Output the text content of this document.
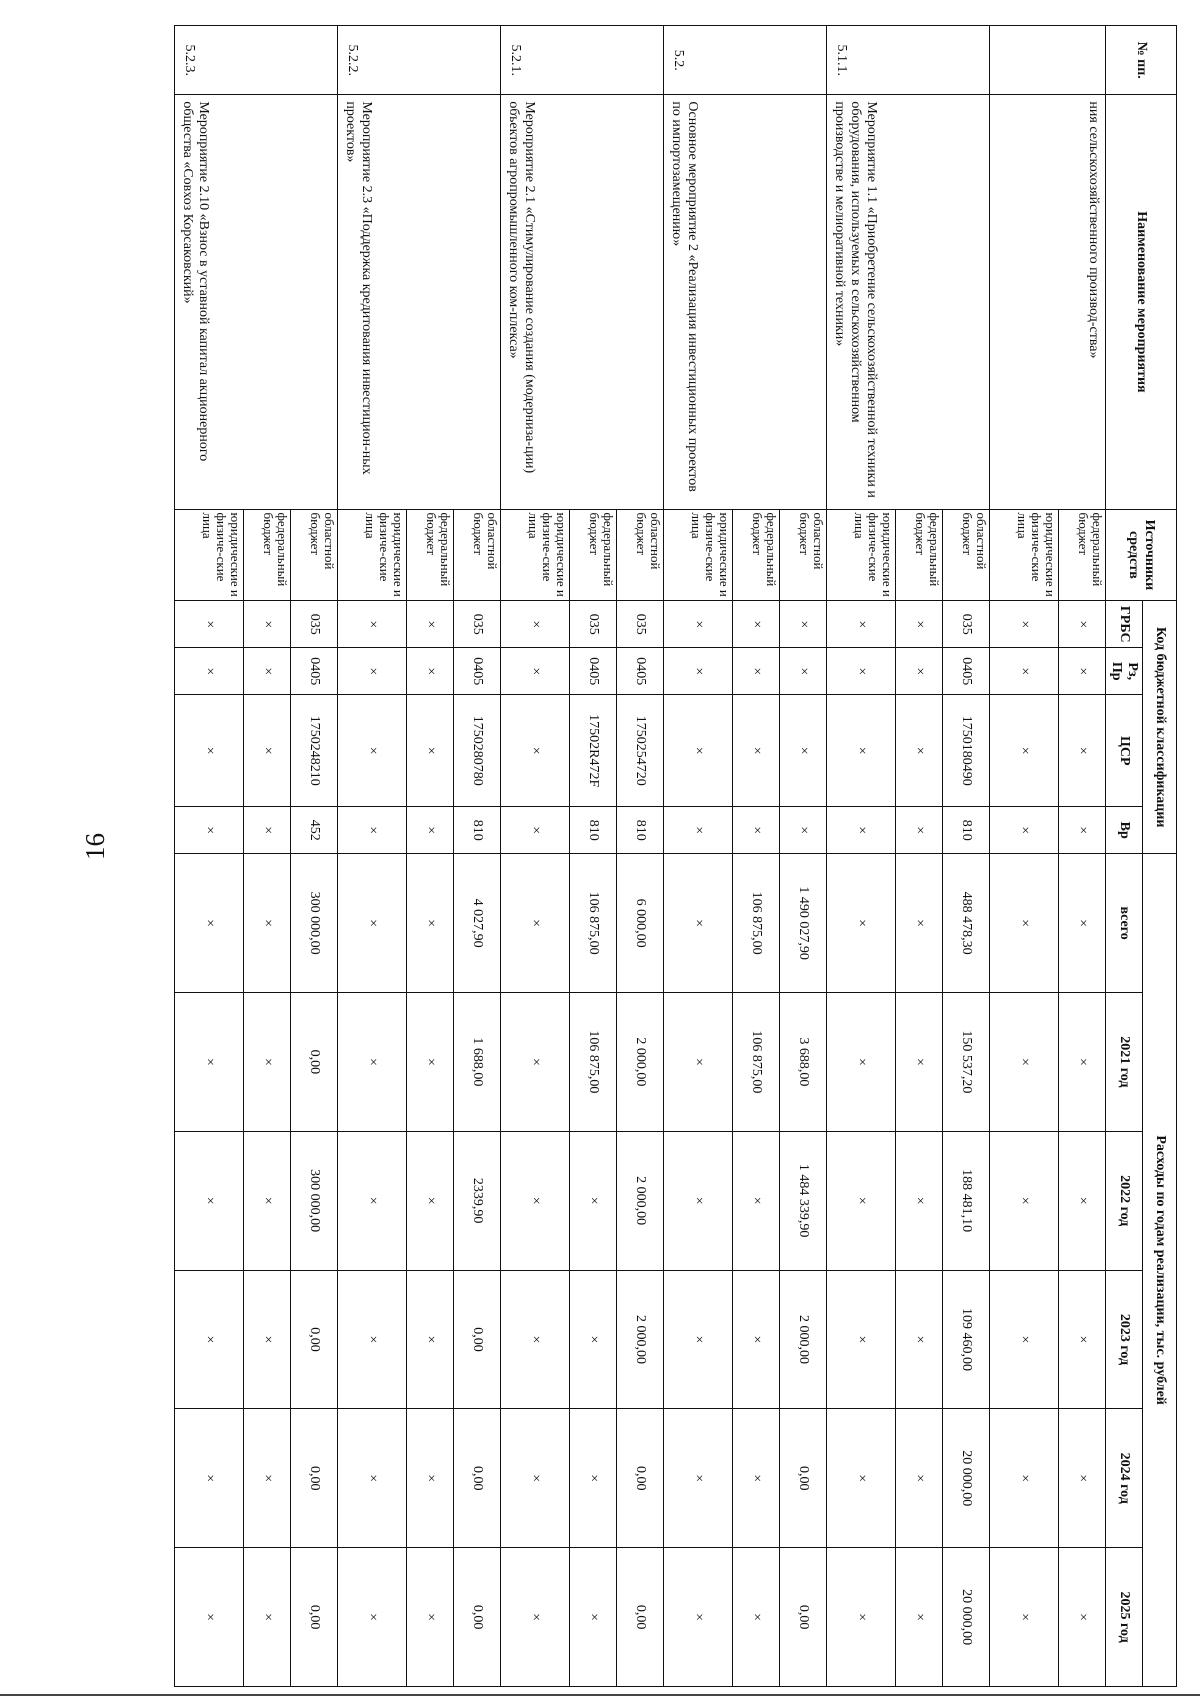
16
№ пп.	Наименование мероприятия	Источники средств	Код бюджетной классификации				Расходы по годам реализации, тыс. рублей					
			ГРБС	Рз, Пр	ЦСР	Вр	всего	2021 год	2022 год	2023 год	2024 год	2025 год
	ния сельскохозяйственного производ-ства»	федеральный бюджет	×	×	×	×	×	×	×	×	×	×
		юридические и физиче-ские лица	×	×	×	×	×	×	×	×	×	×
5.1.1.	Мероприятие 1.1 «Приобретение сельскохозяйственной техники и оборудования, используемых в сельскохозяйственном производстве и мелиоративной техники»	областной бюджет	035	0405	1750180490	810	488 478,30	150 537,20	188 481,10	109 460,00	20 000,00	20 000,00
		федеральный бюджет	×	×	×	×	×	×	×	×	×	×
		юридические и физиче-ские лица	×	×	×	×	×	×	×	×	×	×
5.2.	Основное мероприятие 2 «Реализация инвестиционных проектов по импортозамещению»	областной бюджет	×	×	×	×	1 490 027,90	3 688,00	1 484 339,90	2 000,00	0,00	0,00
		федеральный бюджет	×	×	×	×	106 875,00	106 875,00	×	×	×	×
		юридические и физиче-ские лица	×	×	×	×	×	×	×	×	×	×
5.2.1.	Мероприятие 2.1 «Стимулирование создания (модерниза-ции) объектов агропромышленного ком-плекса»	областной бюджет	035	0405	1750254720	810	6 000,00	2 000,00	2 000,00	2 000,00	0,00	0,00
		федеральный бюджет	035	0405	17502R472F	810	106 875,00	106 875,00	×	×	×	×
		юридические и физиче-ские лица	×	×	×	×	×	×	×	×	×	×
5.2.2.	Мероприятие 2.3 «Поддержка кредитования инвестицион-ных проектов»	областной бюджет	035	0405	1750280780	810	4 027,90	1 688,00	2339,90	0,00	0,00	0,00
		федеральный бюджет	×	×	×	×	×	×	×	×	×	×
		юридические и физиче-ские лица	×	×	×	×	×	×	×	×	×	×
5.2.3.	Мероприятие 2.10 «Взнос в уставной капитал акционерного общества «Совхоз Корсаковский»	областной бюджет	035	0405	1750248210	452	300 000,00	0,00	300 000,00	0,00	0,00	0,00
		федеральный бюджет	×	×	×	×	×	×	×	×	×	×
		юридические и физиче-ские лица	×	×	×	×	×	×	×	×	×	×
